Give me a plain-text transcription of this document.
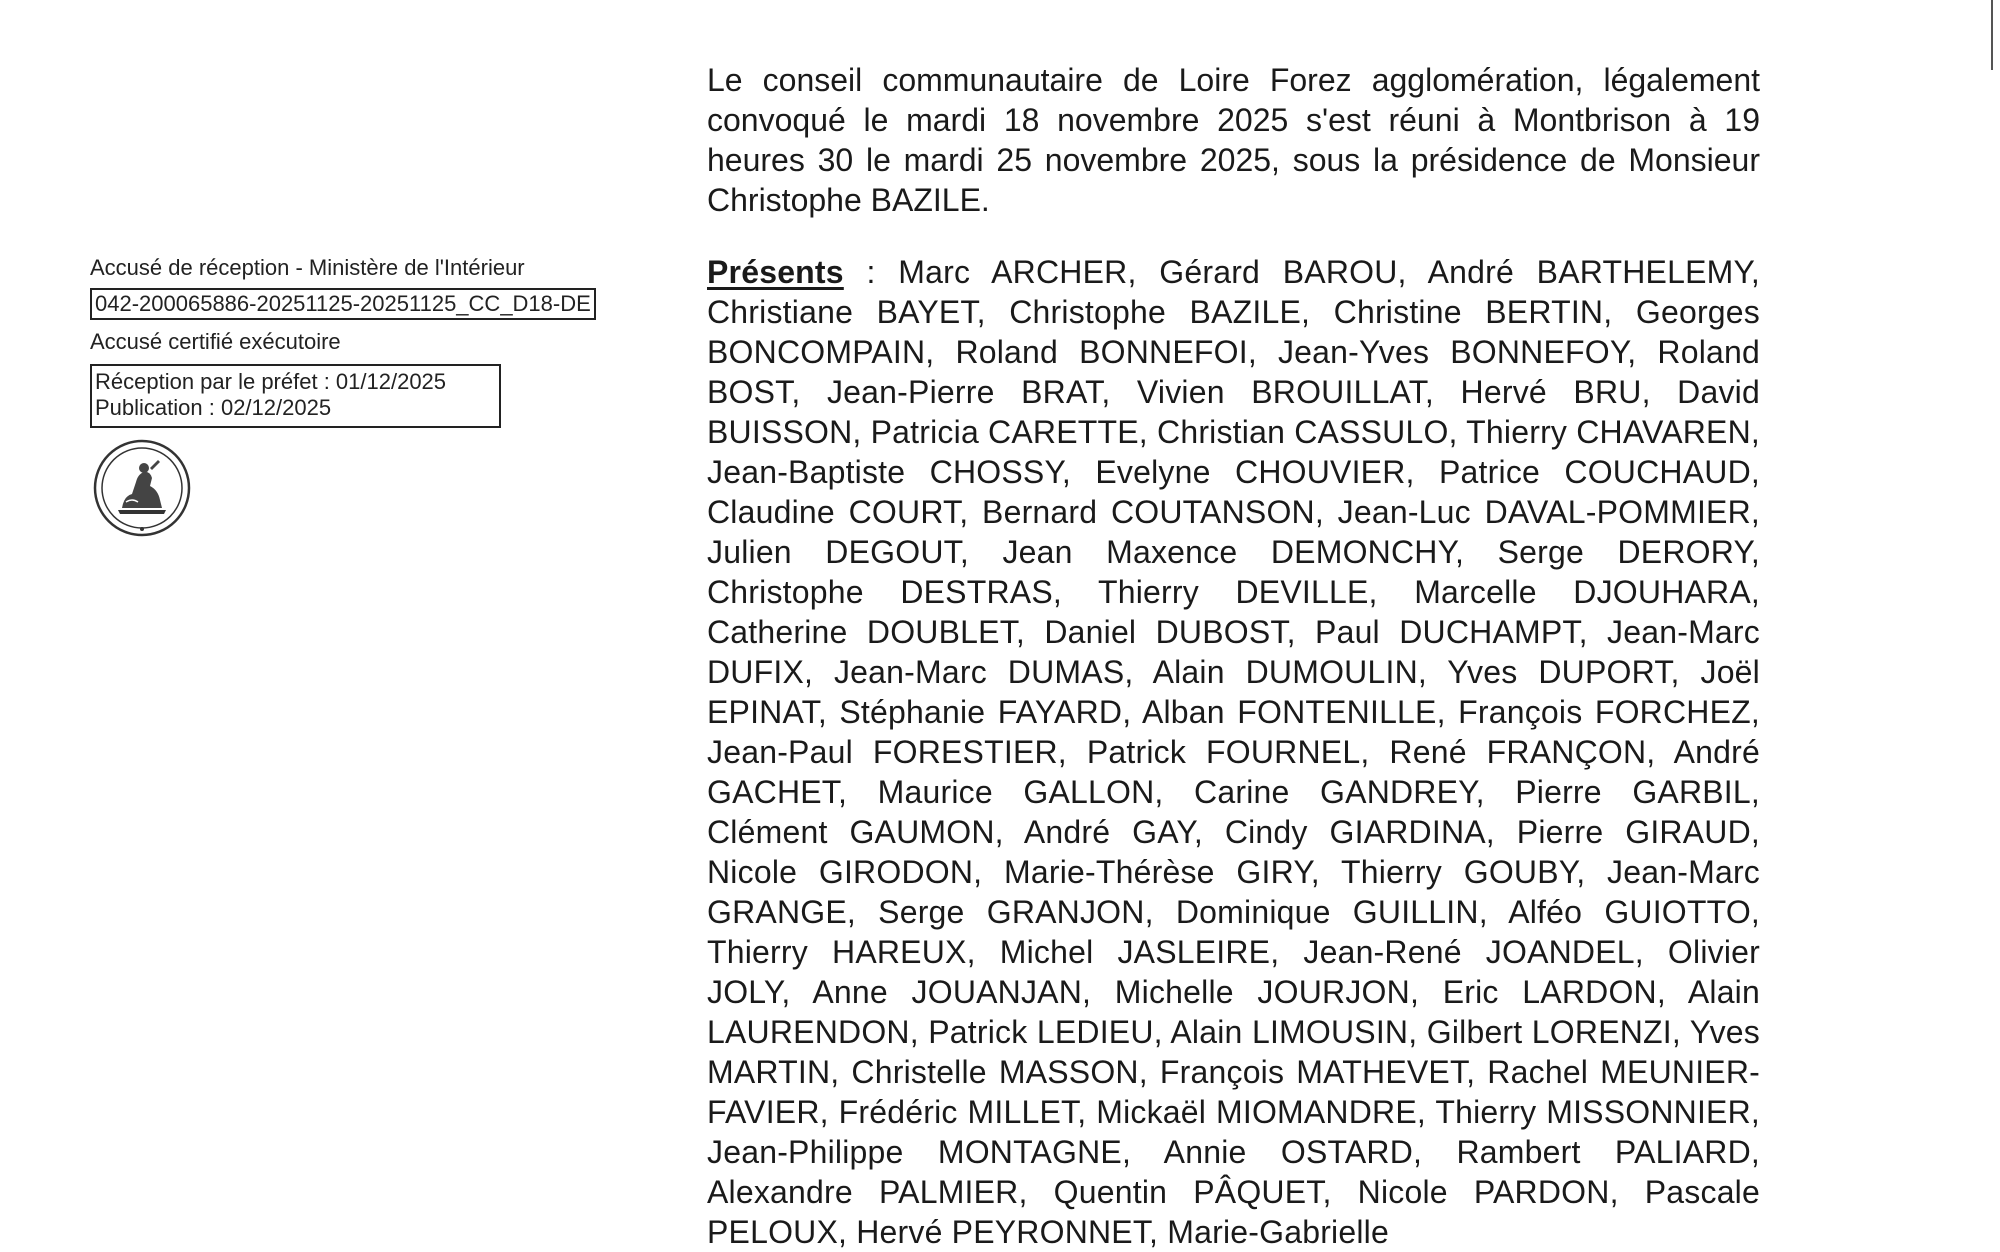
Accusé de réception - Ministère de l'Intérieur
042-200065886-20251125-20251125_CC_D18-DE
Accusé certifié exécutoire
Réception par le préfet : 01/12/2025
Publication : 02/12/2025

Le conseil communautaire de Loire Forez agglomération, légalement convoqué le mardi 18 novembre 2025 s'est réuni à Montbrison à 19 heures 30 le mardi 25 novembre 2025, sous la présidence de Monsieur Christophe BAZILE.

Présents : Marc ARCHER, Gérard BAROU, André BARTHELEMY, Christiane BAYET, Christophe BAZILE, Christine BERTIN, Georges BONCOMPAIN, Roland BONNEFOI, Jean-Yves BONNEFOY, Roland BOST, Jean-Pierre BRAT, Vivien BROUILLAT, Hervé BRU, David BUISSON, Patricia CARETTE, Christian CASSULO, Thierry CHAVAREN, Jean-Baptiste CHOSSY, Evelyne CHOUVIER, Patrice COUCHAUD, Claudine COURT, Bernard COUTANSON, Jean-Luc DAVAL-POMMIER, Julien DEGOUT, Jean Maxence DEMONCHY, Serge DERORY, Christophe DESTRAS, Thierry DEVILLE, Marcelle DJOUHARA, Catherine DOUBLET, Daniel DUBOST, Paul DUCHAMPT, Jean-Marc DUFIX, Jean-Marc DUMAS, Alain DUMOULIN, Yves DUPORT, Joël EPINAT, Stéphanie FAYARD, Alban FONTENILLE, François FORCHEZ, Jean-Paul FORESTIER, Patrick FOURNEL, René FRANÇON, André GACHET, Maurice GALLON, Carine GANDREY, Pierre GARBIL, Clément GAUMON, André GAY, Cindy GIARDINA, Pierre GIRAUD, Nicole GIRODON, Marie-Thérèse GIRY, Thierry GOUBY, Jean-Marc GRANGE, Serge GRANJON, Dominique GUILLIN, Alféo GUIOTTO, Thierry HAREUX, Michel JASLEIRE, Jean-René JOANDEL, Olivier JOLY, Anne JOUANJAN, Michelle JOURJON, Eric LARDON, Alain LAURENDON, Patrick LEDIEU, Alain LIMOUSIN, Gilbert LORENZI, Yves MARTIN, Christelle MASSON, François MATHEVET, Rachel MEUNIER-FAVIER, Frédéric MILLET, Mickaël MIOMANDRE, Thierry MISSONNIER, Jean-Philippe MONTAGNE, Annie OSTARD, Rambert PALIARD, Alexandre PALMIER, Quentin PÂQUET, Nicole PARDON, Pascale PELOUX, Hervé PEYRONNET, Marie-Gabrielle
